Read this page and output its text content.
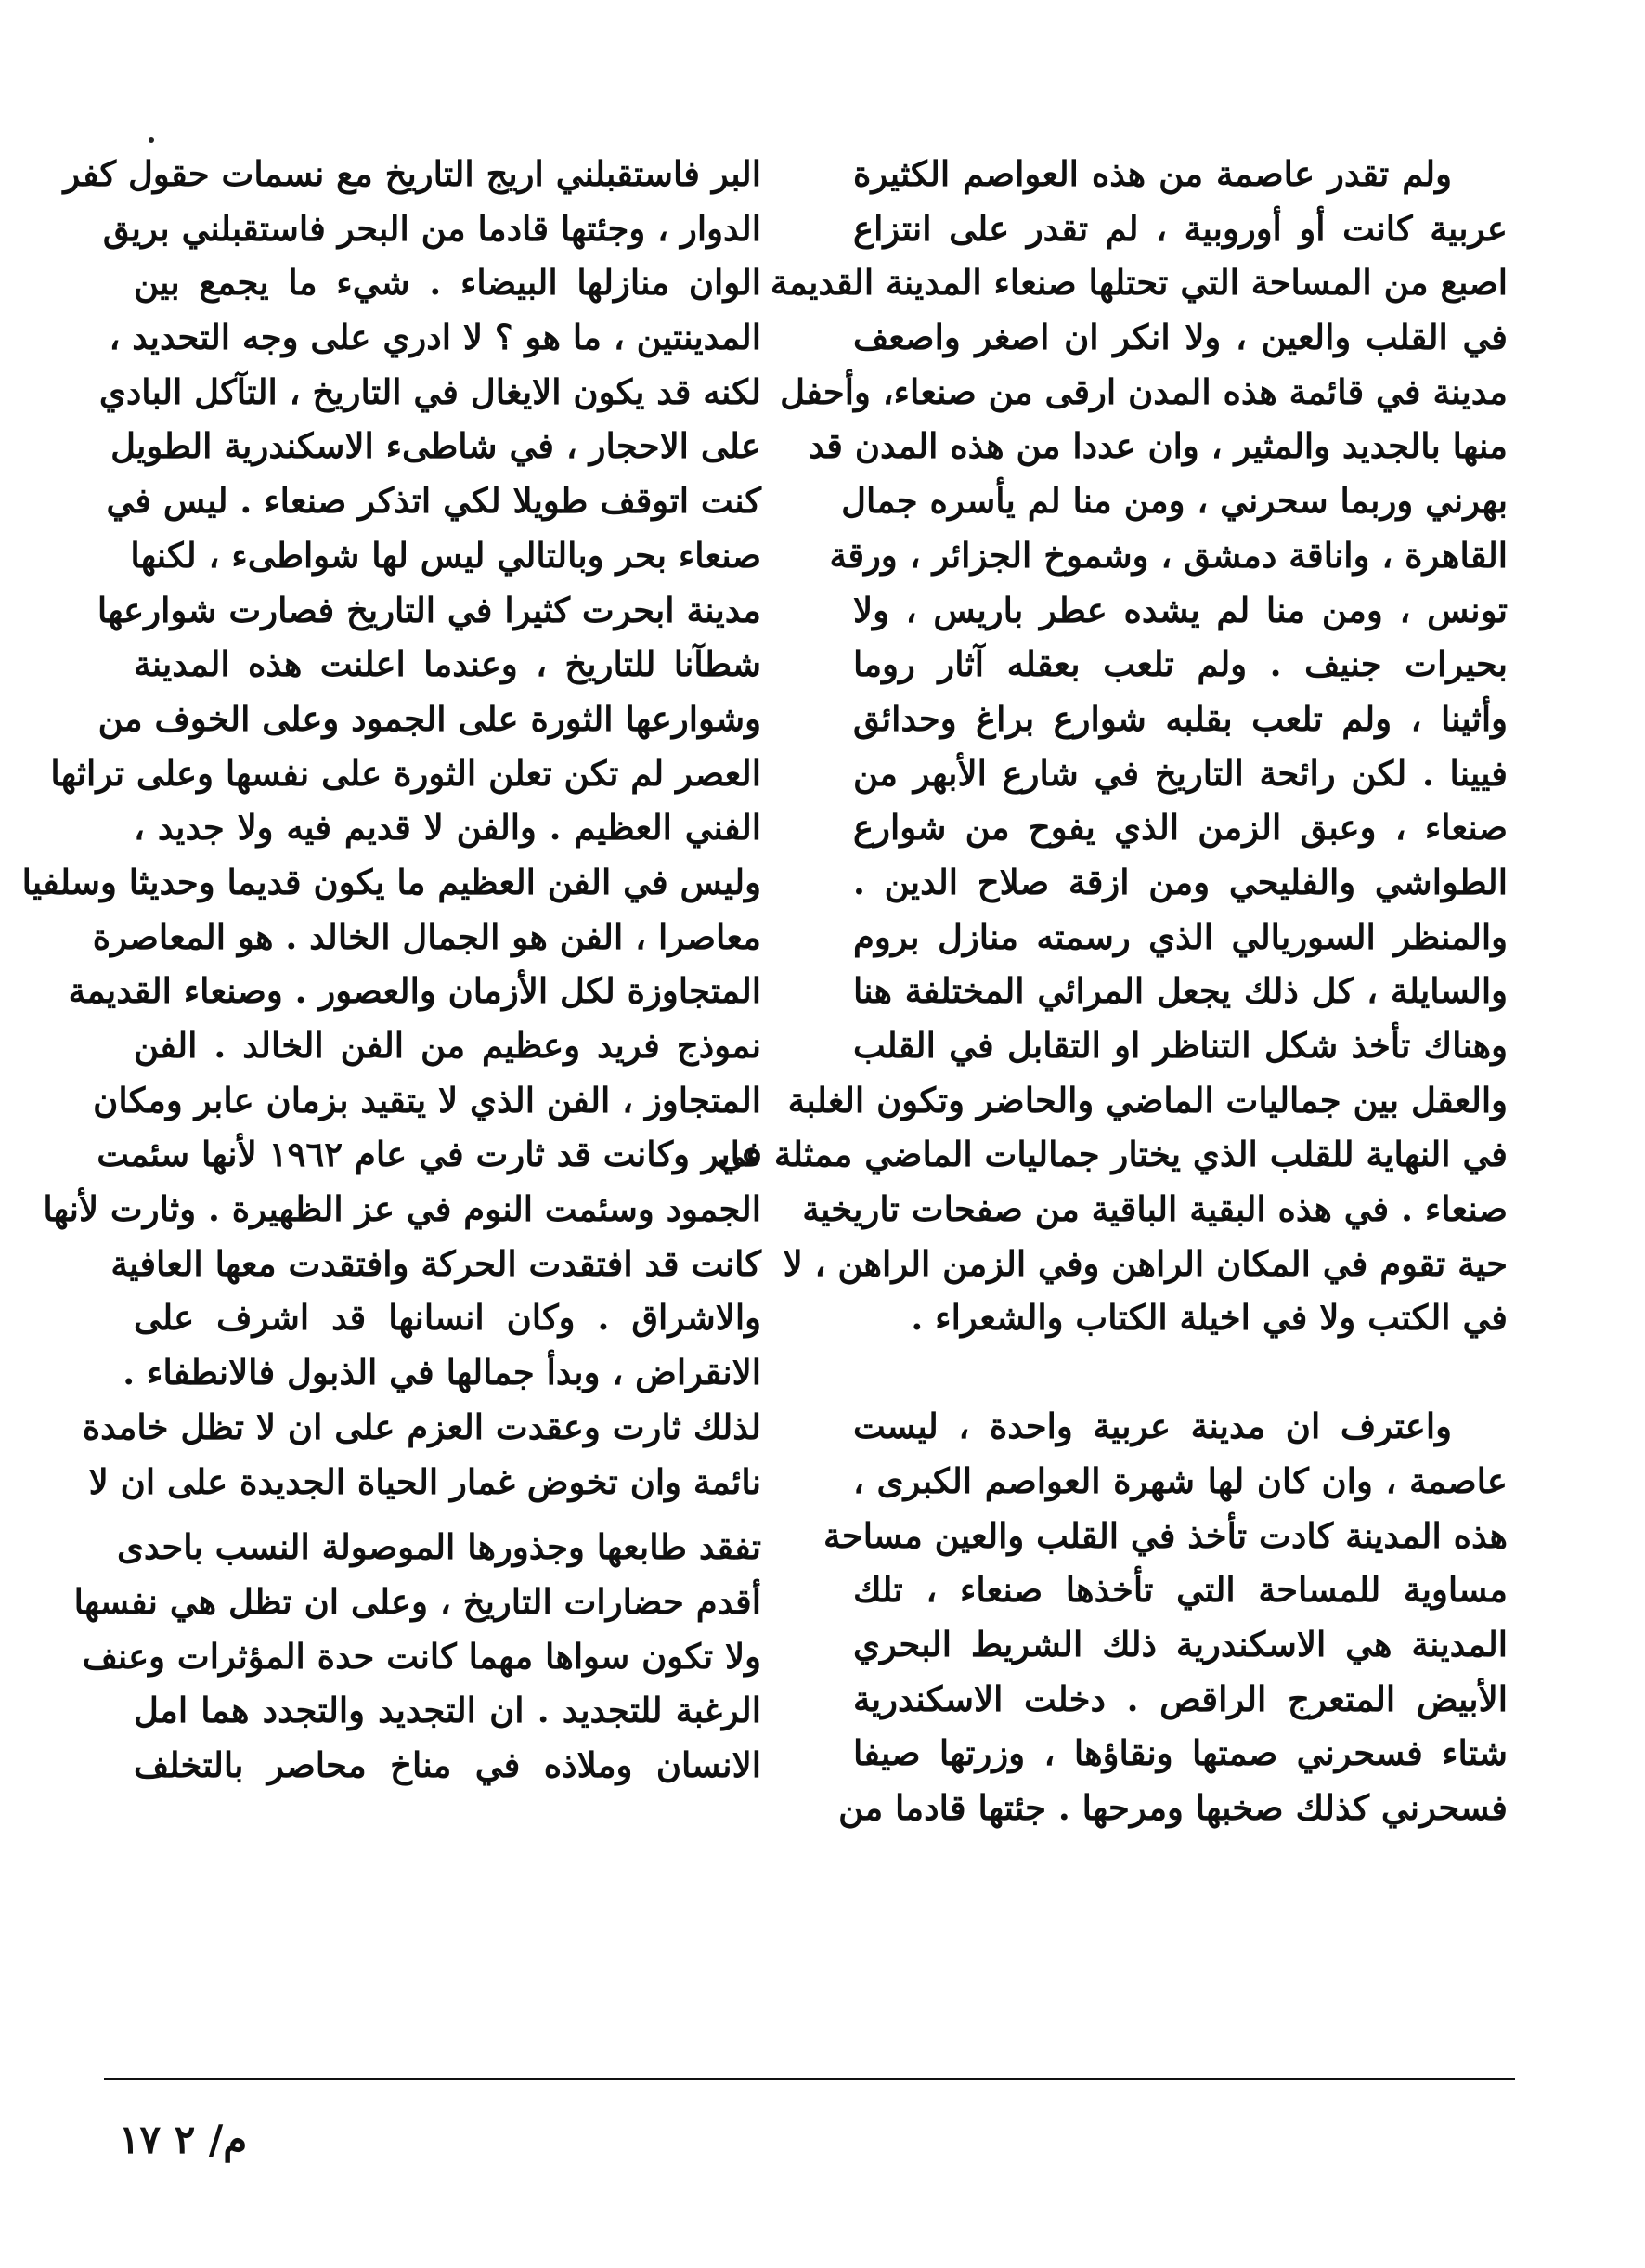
ولم تقدر عاصمة من هذه العواصم الكثيرة
عربية كانت أو أوروبية ، لم تقدر على انتزاع
اصبع من المساحة التي تحتلها صنعاء المدينة القديمة
في القلب والعين ، ولا انكر ان اصغر واصعف
مدينة في قائمة هذه المدن ارقى من صنعاء، وأحفل
منها بالجديد والمثير ، وان عددا من هذه المدن قد
بهرني وربما سحرني ، ومن منا لم يأسره جمال
القاهرة ، واناقة دمشق ، وشموخ الجزائر ، ورقة
تونس ، ومن منا لم يشده عطر باريس ، ولا
بحيرات جنيف . ولم تلعب بعقله آثار روما
وأثينا ، ولم تلعب بقلبه شوارع براغ وحدائق
فيينا . لكن رائحة التاريخ في شارع الأبهر من
صنعاء ، وعبق الزمن الذي يفوح من شوارع
الطواشي والفليحي ومن ازقة صلاح الدين .
والمنظر السوريالي الذي رسمته منازل بروم
والسايلة ، كل ذلك يجعل المرائي المختلفة هنا
وهناك تأخذ شكل التناظر او التقابل في القلب
والعقل بين جماليات الماضي والحاضر وتكون الغلبة
في النهاية للقلب الذي يختار جماليات الماضي ممثلة في
صنعاء . في هذه البقية الباقية من صفحات تاريخية
حية تقوم في المكان الراهن وفي الزمن الراهن ، لا
في الكتب ولا في اخيلة الكتاب والشعراء .
واعترف ان مدينة عربية واحدة ، ليست
عاصمة ، وان كان لها شهرة العواصم الكبرى ،
هذه المدينة كادت تأخذ في القلب والعين مساحة
مساوية للمساحة التي تأخذها صنعاء ، تلك
المدينة هي الاسكندرية ذلك الشريط البحري
الأبيض المتعرج الراقص . دخلت الاسكندرية
شتاء فسحرني صمتها ونقاؤها ، وزرتها صيفا
فسحرني كذلك صخبها ومرحها . جئتها قادما من
البر فاستقبلني اريج التاريخ مع نسمات حقول كفر
الدوار ، وجئتها قادما من البحر فاستقبلني بريق
الوان منازلها البيضاء . شيء ما يجمع بين
المدينتين ، ما هو ؟ لا ادري على وجه التحديد ،
لكنه قد يكون الايغال في التاريخ ، التآكل البادي
على الاحجار ، في شاطىء الاسكندرية الطويل
كنت اتوقف طويلا لكي اتذكر صنعاء . ليس في
صنعاء بحر وبالتالي ليس لها شواطىء ، لكنها
مدينة ابحرت كثيرا في التاريخ فصارت شوارعها
شطآنا للتاريخ ، وعندما اعلنت هذه المدينة
وشوارعها الثورة على الجمود وعلى الخوف من
العصر لم تكن تعلن الثورة على نفسها وعلى تراثها
الفني العظيم . والفن لا قديم فيه ولا جديد ،
وليس في الفن العظيم ما يكون قديما وحديثا وسلفيا
معاصرا ، الفن هو الجمال الخالد . هو المعاصرة
المتجاوزة لكل الأزمان والعصور . وصنعاء القديمة
نموذج فريد وعظيم من الفن الخالد . الفن
المتجاوز ، الفن الذي لا يتقيد بزمان عابر ومكان
عابر وكانت قد ثارت في عام ١٩٦٢ لأنها سئمت
الجمود وسئمت النوم في عز الظهيرة . وثارت لأنها
كانت قد افتقدت الحركة وافتقدت معها العافية
والاشراق . وكان انسانها قد اشرف على
الانقراض ، وبدأ جمالها في الذبول فالانطفاء .
لذلك ثارت وعقدت العزم على ان لا تظل خامدة
نائمة وان تخوض غمار الحياة الجديدة على ان لا
تفقد طابعها وجذورها الموصولة النسب باحدى
أقدم حضارات التاريخ ، وعلى ان تظل هي نفسها
ولا تكون سواها مهما كانت حدة المؤثرات وعنف
الرغبة للتجديد . ان التجديد والتجدد هما امل
الانسان وملاذه في مناخ محاصر بالتخلف
م/ ٢ ١٧
